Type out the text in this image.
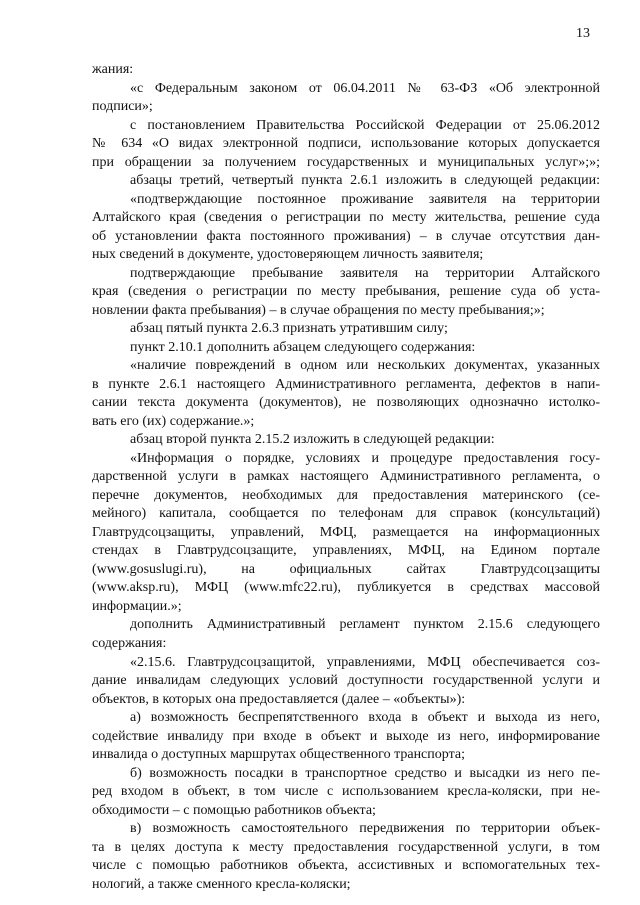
13
жания:
«с Федеральным законом от 06.04.2011 № 63-ФЗ «Об электронной
подписи»;
с постановлением Правительства Российской Федерации от 25.06.2012
№ 634 «О видах электронной подписи, использование которых допускается
при обращении за получением государственных и муниципальных услуг»;»;
абзацы третий, четвертый пункта 2.6.1 изложить в следующей редакции:
«подтверждающие постоянное проживание заявителя на территории
Алтайского края (сведения о регистрации по месту жительства, решение суда
об установлении факта постоянного проживания) – в случае отсутствия дан-
ных сведений в документе, удостоверяющем личность заявителя;
подтверждающие пребывание заявителя на территории Алтайского
края (сведения о регистрации по месту пребывания, решение суда об уста-
новлении факта пребывания) – в случае обращения по месту пребывания;»;
абзац пятый пункта 2.6.3 признать утратившим силу;
пункт 2.10.1 дополнить абзацем следующего содержания:
«наличие повреждений в одном или нескольких документах, указанных
в пункте 2.6.1 настоящего Административного регламента, дефектов в напи-
сании текста документа (документов), не позволяющих однозначно истолко-
вать его (их) содержание.»;
абзац второй пункта 2.15.2 изложить в следующей редакции:
«Информация о порядке, условиях и процедуре предоставления госу-
дарственной услуги в рамках настоящего Административного регламента, о
перечне документов, необходимых для предоставления материнского (се-
мейного) капитала, сообщается по телефонам для справок (консультаций)
Главтрудсоцзащиты, управлений, МФЦ, размещается на информационных
стендах в Главтрудсоцзащите, управлениях, МФЦ, на Едином портале
(www.gosuslugi.ru), на официальных сайтах Главтрудсоцзащиты
(www.aksp.ru), МФЦ (www.mfc22.ru), публикуется в средствах массовой
информации.»;
дополнить Административный регламент пунктом 2.15.6 следующего
содержания:
«2.15.6. Главтрудсоцзащитой, управлениями, МФЦ обеспечивается соз-
дание инвалидам следующих условий доступности государственной услуги и
объектов, в которых она предоставляется (далее – «объекты»):
а) возможность беспрепятственного входа в объект и выхода из него,
содействие инвалиду при входе в объект и выходе из него, информирование
инвалида о доступных маршрутах общественного транспорта;
б) возможность посадки в транспортное средство и высадки из него пе-
ред входом в объект, в том числе с использованием кресла-коляски, при не-
обходимости – с помощью работников объекта;
в) возможность самостоятельного передвижения по территории объек-
та в целях доступа к месту предоставления государственной услуги, в том
числе с помощью работников объекта, ассистивных и вспомогательных тех-
нологий, а также сменного кресла-коляски;
